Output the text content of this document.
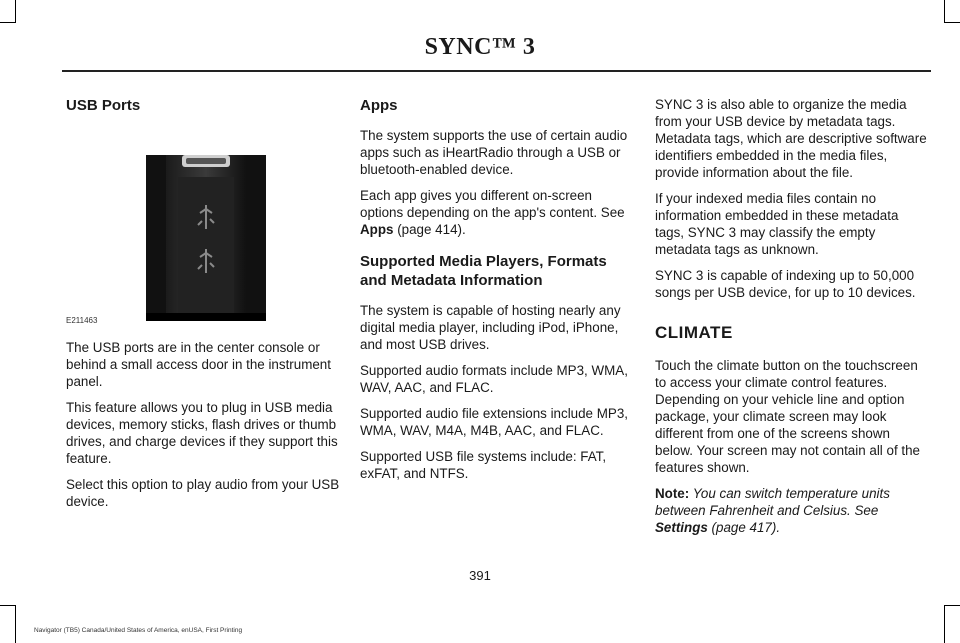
SYNC™ 3
USB Ports
E211463

The USB ports are in the center console or behind a small access door in the instrument panel.

This feature allows you to plug in USB media devices, memory sticks, flash drives or thumb drives, and charge devices if they support this feature.

Select this option to play audio from your USB device.

Apps

The system supports the use of certain audio apps such as iHeartRadio through a USB or bluetooth-enabled device.

Each app gives you different on-screen options depending on the app's content. See Apps (page 414).

Supported Media Players, Formats and Metadata Information

The system is capable of hosting nearly any digital media player, including iPod, iPhone, and most USB drives.

Supported audio formats include MP3, WMA, WAV, AAC, and FLAC.

Supported audio file extensions include MP3, WMA, WAV, M4A, M4B, AAC, and FLAC.

Supported USB file systems include: FAT, exFAT, and NTFS.

SYNC 3 is also able to organize the media from your USB device by metadata tags. Metadata tags, which are descriptive software identifiers embedded in the media files, provide information about the file.

If your indexed media files contain no information embedded in these metadata tags, SYNC 3 may classify the empty metadata tags as unknown.

SYNC 3 is capable of indexing up to 50,000 songs per USB device, for up to 10 devices.

CLIMATE

Touch the climate button on the touchscreen to access your climate control features. Depending on your vehicle line and option package, your climate screen may look different from one of the screens shown below. Your screen may not contain all of the features shown.

Note: You can switch temperature units between Fahrenheit and Celsius. See Settings (page 417).

391
Navigator (TB5) Canada/United States of America, enUSA, First Printing
